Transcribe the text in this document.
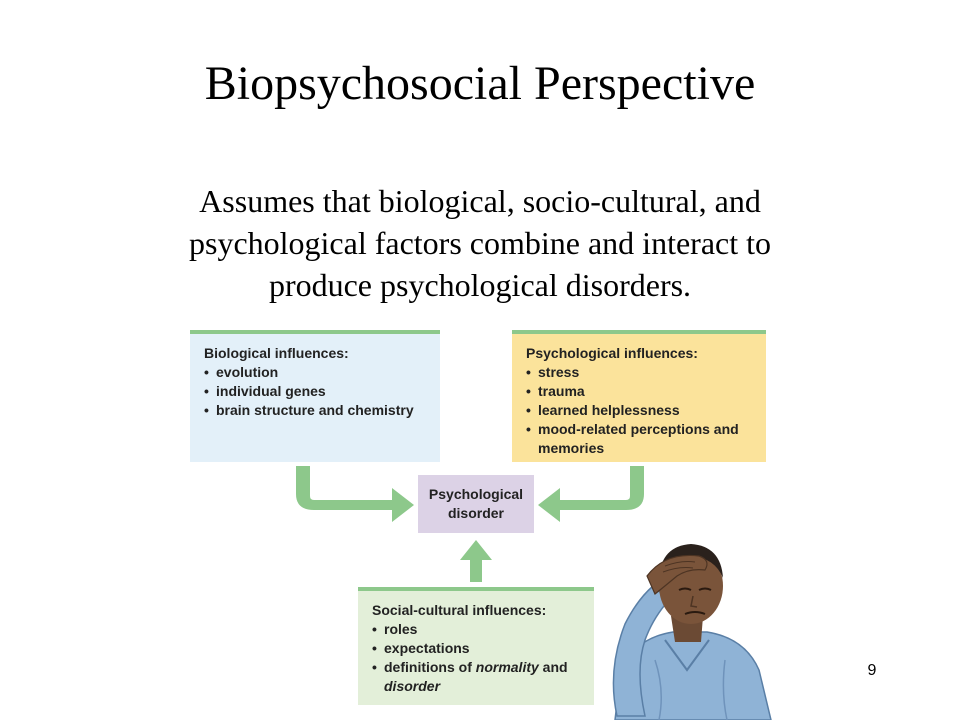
Biopsychosocial Perspective
Assumes that biological, socio-cultural, and
psychological factors combine and interact to
produce psychological disorders.
Biological influences:
• evolution
• individual genes
• brain structure and chemistry
Psychological influences:
• stress
• trauma
• learned helplessness
• mood-related perceptions and
memories
Psychological
disorder
Social-cultural influences:
• roles
• expectations
• definitions of normality and
disorder
9
